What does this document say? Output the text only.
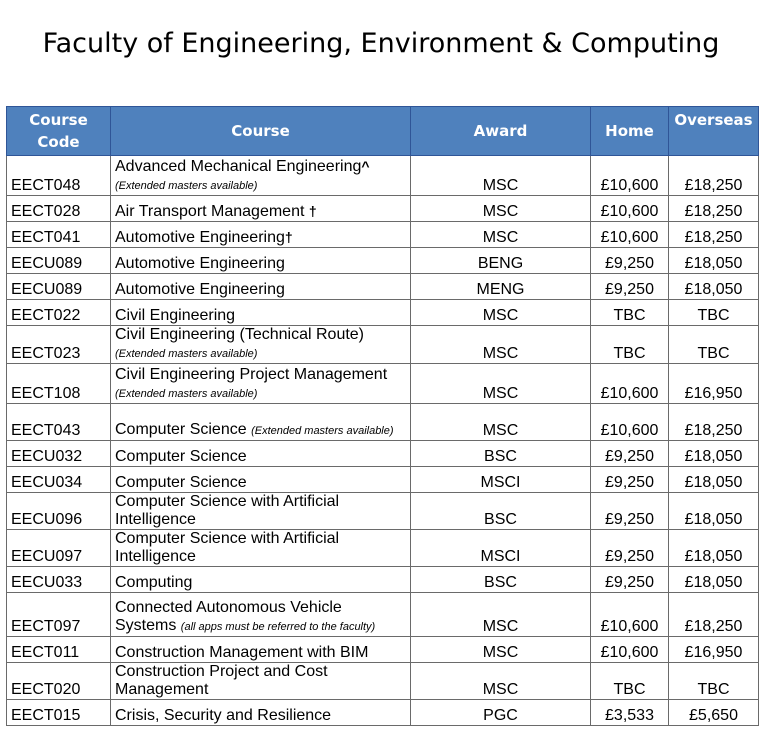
Faculty of Engineering, Environment & Computing
Course Code	Course	Award	Home	Overseas
EECT048	Advanced Mechanical Engineering^ (Extended masters available)	MSC	£10,600	£18,250
EECT028	Air Transport Management †	MSC	£10,600	£18,250
EECT041	Automotive Engineering†	MSC	£10,600	£18,250
EECU089	Automotive Engineering	BENG	£9,250	£18,050
EECU089	Automotive Engineering	MENG	£9,250	£18,050
EECT022	Civil Engineering	MSC	TBC	TBC
EECT023	Civil Engineering (Technical Route) (Extended masters available)	MSC	TBC	TBC
EECT108	Civil Engineering Project Management (Extended masters available)	MSC	£10,600	£16,950
EECT043	Computer Science (Extended masters available)	MSC	£10,600	£18,250
EECU032	Computer Science	BSC	£9,250	£18,050
EECU034	Computer Science	MSCI	£9,250	£18,050
EECU096	Computer Science with Artificial Intelligence	BSC	£9,250	£18,050
EECU097	Computer Science with Artificial Intelligence	MSCI	£9,250	£18,050
EECU033	Computing	BSC	£9,250	£18,050
EECT097	Connected Autonomous Vehicle Systems (all apps must be referred to the faculty)	MSC	£10,600	£18,250
EECT011	Construction Management with BIM	MSC	£10,600	£16,950
EECT020	Construction Project and Cost Management	MSC	TBC	TBC
EECT015	Crisis, Security and Resilience	PGC	£3,533	£5,650
